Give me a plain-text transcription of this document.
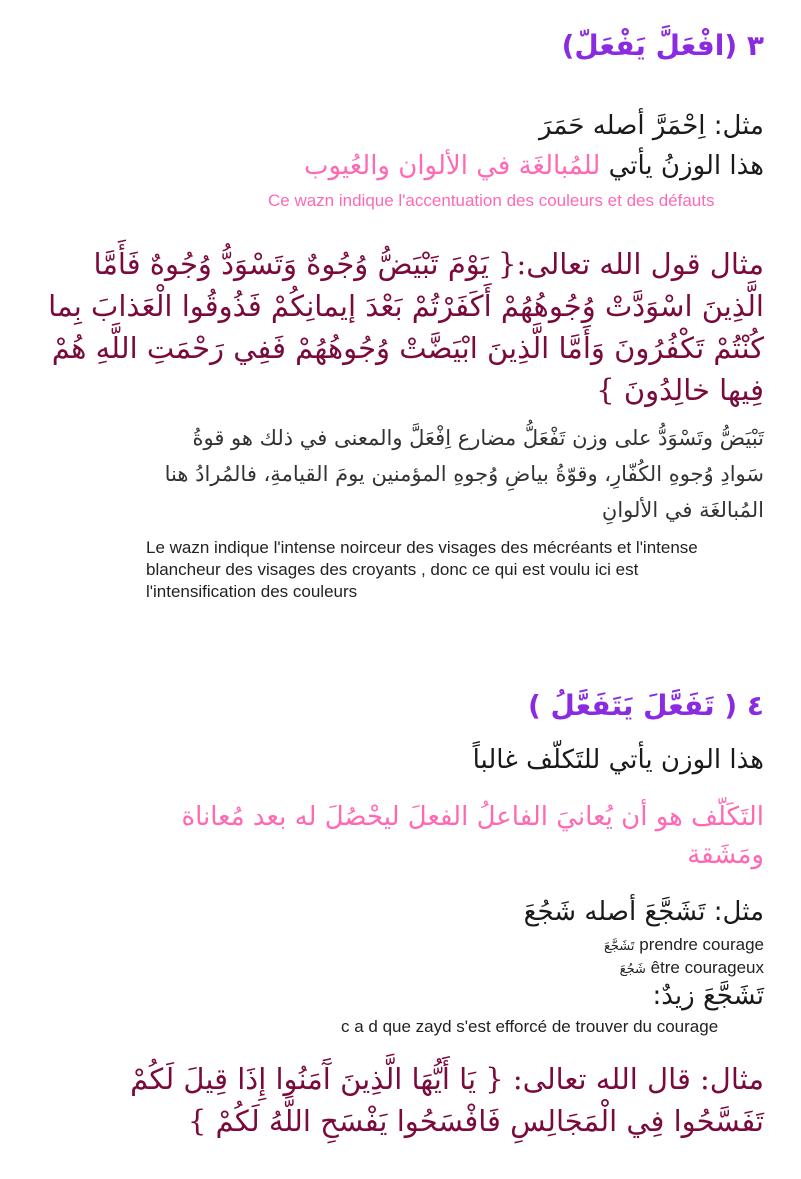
٣ (افْعَلَّ يَفْعَلّ)
مثل: اِحْمَرَّ أصله حَمَرَ
هذا الوزنُ يأتي للمُبالغَة في الألوان والعُيوب
Ce wazn indique l'accentuation des couleurs et des défauts
مثال قول الله تعالى:{ يَوْمَ تَبْيَضُّ وُجُوهٌ وَتَسْوَدُّ وُجُوهٌ فَأَمَّا
الَّذِينَ اسْوَدَّتْ وُجُوهُهُمْ أَكَفَرْتُمْ بَعْدَ إيمانِكُمْ فَذُوقُوا الْعَذابَ بِما
كُنْتُمْ تَكْفُرُونَ وَأَمَّا الَّذِينَ ابْيَضَّتْ وُجُوهُهُمْ فَفِي رَحْمَتِ اللَّهِ هُمْ
فِيها خالِدُونَ }
تَبْيَضُّ وتَسْوَدُّ على وزن تَفْعَلُّ مضارع اِفْعَلَّ والمعنى في ذلك هو قوةُ
سَوادِ وُجوهِ الكُفّارِ، وقوّةُ بياضِ وُجوهِ المؤمنين يومَ القيامةِ، فالمُرادُ هنا
المُبالغَة في الألوانِ
Le wazn indique l'intense noirceur des visages des mécréants et l'intense
blancheur des visages des croyants , donc ce qui est voulu ici est
l'intensification des couleurs
٤ ( تَفَعَّلَ يَتَفَعَّلُ )
هذا الوزن يأتي للتَكلّف غالباً
التَكَلّف هو أن يُعانيَ الفاعلُ الفعلَ ليحْصُلَ له بعد مُعاناة
ومَشَقة
مثل: تَشَجَّعَ أصله شَجُعَ
تَشَجَّعَ prendre courage
شَجُعَ être courageux
تَشَجَّعَ زيدٌ:
c a d que zayd s'est efforcé de trouver du courage
مثال: قال الله تعالى: { يَا أَيُّهَا الَّذِينَ آَمَنُوا إِذَا قِيلَ لَكُمْ
تَفَسَّحُوا فِي الْمَجَالِسِ فَافْسَحُوا يَفْسَحِ اللَّهُ لَكُمْ }
